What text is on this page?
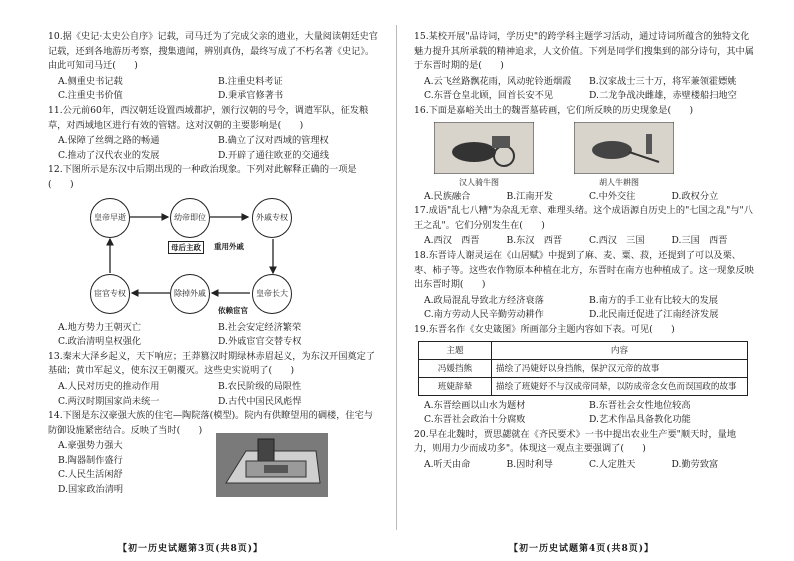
10.据《史记·太史公自序》记载，司马迁为了完成父亲的遗业，大量阅读朝廷史官记载，还到各地游历考察，搜集遗闻，辨别真伪，最终写成了不朽名著《史记》。由此可知司马迁(　　)
A.侧重史书记载	B.注重史料考证
C.注重史书价值	D.秉承官修著书
11.公元前60年，西汉朝廷设置西域都护，颁行汉朝的号令，调遣军队，征发粮草，对西域地区进行有效的管辖。这对汉朝的主要影响是(　　)
A.保障了丝绸之路的畅通	B.确立了汉对西域的管理权
C.推动了汉代农业的发展	D.开辟了通往欧亚的交通线
12.下图所示是东汉中后期出现的一种政治现象。下列对此解释正确的一项是(　　)
皇帝早逝	幼帝即位	外戚专权
宦官专权	除掉外戚	皇帝长大
母后主政	重用外戚
依赖宦官
A.地方势力王朝灭亡	B.社会安定经济繁荣
C.政治清明皇权强化	D.外戚宦官交替专权
13.秦末大泽乡起义，天下响应；王莽篡汉时期绿林赤眉起义，为东汉开国奠定了基础；黄巾军起义，使东汉王朝覆灭。这些史实说明了(　　)
A.人民对历史的推动作用	B.农民阶级的局限性
C.两汉时期国家尚未统一	D.古代中国民风彪悍
14.下图是东汉豪强大族的住宅—陶院落(模型)。院内有供瞭望用的碉楼，住宅与防御设施紧密结合。反映了当时(　　)
A.豪强势力强大
B.陶器制作盛行
C.人民生活闲舒
D.国家政治清明
【初一历史试题第3页(共8页)】
15.某校开展"品诗词，学历史"的跨学科主题学习活动，通过诗词所蕴含的独特文化魅力提升其所承载的精神追求，人文价值。下列是同学们搜集到的部分诗句，其中属于东晋时期的是(　　)
A.云飞丝路飘花雨，风动驼铃逝烟霞	B.汉家战士三十万，将军兼领霍嫖姚
C.东晋仓皇北顾，回首长安不见	D.二龙争战决雌雄，赤壁楼船扫地空
16.下面是嘉峪关出土的魏晋墓砖画，它们所反映的历史现象是(　　)
汉人骑牛图	胡人牛耕图
A.民族融合	B.江南开发	C.中外交往	D.政权分立
17.成语"乱七八糟"为杂乱无章、难理头绪。这个成语源自历史上的"七国之乱"与"八王之乱"。它们分别发生在(　　)
A.西汉　西晋	B.东汉　西晋	C.西汉　三国	D.三国　西晋
18.东晋诗人谢灵运在《山居赋》中提到了麻、麦、粟、菽，还提到了可以及栗、枣、柿子等。这些农作物原本种植在北方，东晋时在南方也种植成了。这一现象反映出东晋时期(　　)
A.政局混乱导致北方经济衰落	B.南方的手工业有比较大的发展
C.南方劳动人民辛勤劳动耕作	D.北民南迁促进了江南经济发展
19.东晋名作《女史箴图》所画部分主题内容如下表。可见(　　)
主题	内容
冯媛挡熊	描绘了冯婕妤以身挡熊，保护汉元帝的故事
班婕辞辇	描绘了班婕妤不与汉成帝同辇，以防成帝念女色而误国政的故事
A.东晋绘画以山水为题材	B.东晋社会女性地位较高
C.东晋社会政治十分腐败	D.艺术作品具备教化功能
20.早在北魏时，贾思勰就在《齐民要术》一书中提出农业生产要"顺天时，量地力，则用力少而成功多"。体现这一观点主要强调了(　　)
A.听天由命	B.因时利导	C.人定胜天	D.勤劳致富
【初一历史试题第4页(共8页)】
